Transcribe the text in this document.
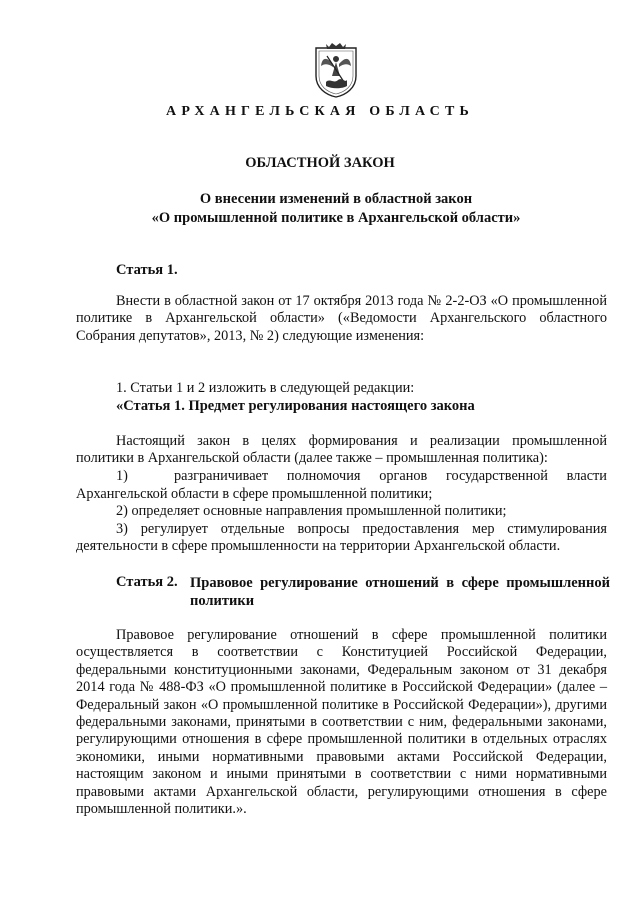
АРХАНГЕЛЬСКАЯ ОБЛАСТЬ
ОБЛАСТНОЙ ЗАКОН
О внесении изменений в областной закон
«О промышленной политике в Архангельской области»
Статья 1.

Внести в областной закон от 17 октября 2013 года № 2-2-ОЗ «О промышленной политике в Архангельской области» («Ведомости Архангельского областного Собрания депутатов», 2013, № 2) следующие изменения:

1. Статьи 1 и 2 изложить в следующей редакции:

«Статья 1. Предмет регулирования настоящего закона

Настоящий закон в целях формирования и реализации промышленной политики в Архангельской области (далее также – промышленная политика):

1)	разграничивает полномочия органов государственной власти

Архангельской области в сфере промышленной политики;

2) определяет основные направления промышленной политики;

3) регулирует отдельные вопросы предоставления мер стимулирования деятельности в сфере промышленности на территории Архангельской области.

Статья 2. Правовое регулирование отношений в сфере промышленной политики

Правовое регулирование отношений в сфере промышленной политики осуществляется в соответствии с Конституцией Российской Федерации, федеральными конституционными законами, Федеральным законом от 31 декабря 2014 года № 488-ФЗ «О промышленной политике в Российской Федерации» (далее – Федеральный закон «О промышленной политике в Российской Федерации»), другими федеральными законами, принятыми в соответствии с ним, федеральными законами, регулирующими отношения в сфере промышленной политики в отдельных отраслях экономики, иными нормативными правовыми актами Российской Федерации, настоящим законом и иными принятыми в соответствии с ними нормативными правовыми актами Архангельской области, регулирующими отношения в сфере промышленной политики.».
